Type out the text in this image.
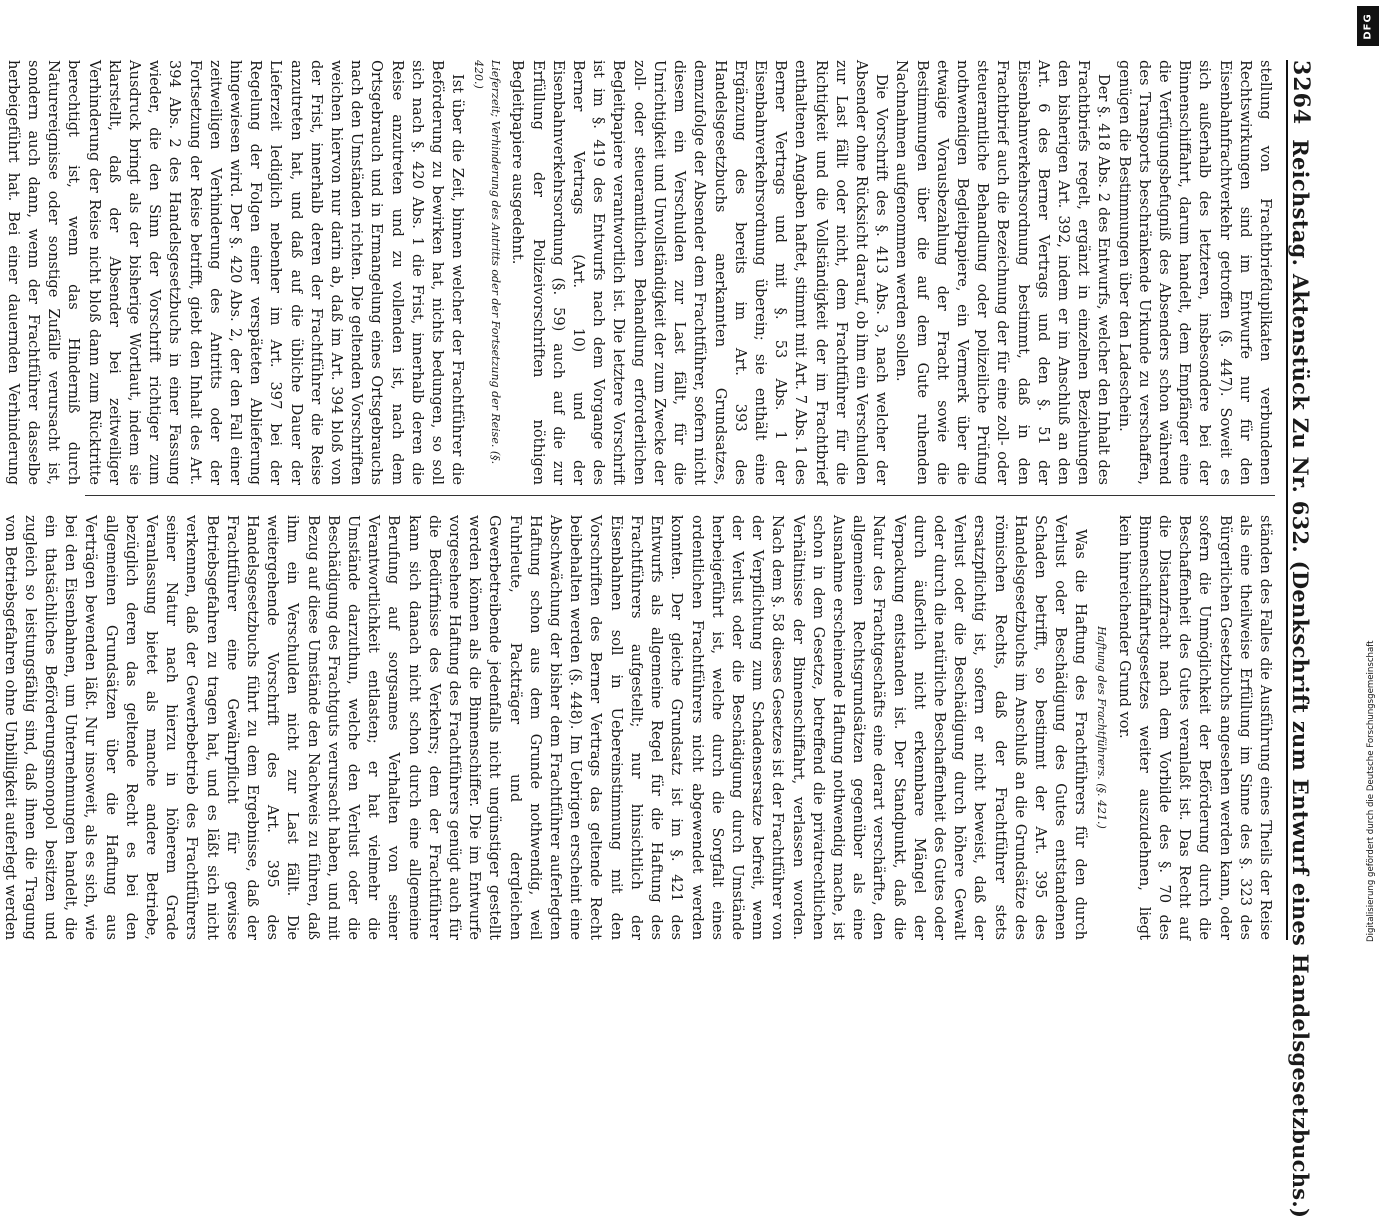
3264
Reichstag. Aktenstück Zu Nr. 632. (Denkschrift zum Entwurf eines Handelsgesetzbuchs.)

stellung von Frachtbriefduplikaten verbundenen Rechtswirkungen sind im Entwurfe nur für den Eisenbahnfrachtverkehr getroffen (§. 447). Soweit es sich außerhalb des letzteren, insbesondere bei der Binnenschiffahrt, darum handelt, dem Empfänger eine die Verfügungsbefugniß des Absenders schon während des Transports beschränkende Urkunde zu verschaffen, genügen die Bestimmungen über den Ladeschein.

Der §. 418 Abs. 2 des Entwurfs, welcher den Inhalt des Frachtbriefs regelt, ergänzt in einzelnen Beziehungen den bisherigen Art. 392, indem er im Anschluß an den Art. 6 des Berner Vertrags und den §. 51 der Eisenbahnverkehrsordnung bestimmt, daß in den Frachtbrief auch die Bezeichnung der für eine zoll- oder steueramtliche Behandlung oder polizeiliche Prüfung nothwendigen Begleitpapiere, ein Vermerk über die etwaige Vorausbezahlung der Fracht sowie die Bestimmungen über die auf dem Gute ruhenden Nachnahmen aufgenommen werden sollen.

Die Vorschrift des §. 413 Abs. 3, nach welcher der Absender ohne Rücksicht darauf, ob ihm ein Verschulden zur Last fällt oder nicht, dem Frachtführer für die Richtigkeit und die Vollständigkeit der im Frachtbrief enthaltenen Angaben haftet, stimmt mit Art. 7 Abs. 1 des Berner Vertrags und mit §. 53 Abs. 1 der Eisenbahnverkehrsordnung überein; sie enthält eine Ergänzung des bereits im Art. 393 des Handelsgesetzbuchs anerkannten Grundsatzes, demzufolge der Absender dem Frachtführer, sofern nicht diesem ein Verschulden zur Last fällt, für die Unrichtigkeit und Unvollständigkeit der zum Zwecke der zoll- oder steueramtlichen Behandlung erforderlichen Begleitpapiere verantwortlich ist. Die letztere Vorschrift ist im §. 419 des Entwurfs nach dem Vorgange des Berner Vertrags (Art. 10) und der Eisenbahnverkehrsordnung (§. 59) auch auf die zur Erfüllung der Polizeivorschriften nöthigen Begleitpapiere ausgedehnt.

Lieferzeit; Verhinderung des Antritts oder der Fortsetzung der Reise. (§. 420.)

Ist über die Zeit, binnen welcher der Frachtführer die Beförderung zu bewirken hat, nichts bedungen, so soll sich nach §. 420 Abs. 1 die Frist, innerhalb deren die Reise anzutreten und zu vollenden ist, nach dem Ortsgebrauch und in Ermangelung eines Ortsgebrauchs nach den Umständen richten. Die geltenden Vorschriften weichen hiervon nur darin ab, daß im Art. 394 bloß von der Frist, innerhalb deren der Frachtführer die Reise anzutreten hat, und daß auf die übliche Dauer der Lieferzeit lediglich nebenher im Art. 397 bei der Regelung der Folgen einer verspäteten Ablieferung hingewiesen wird. Der §. 420 Abs. 2, der den Fall einer zeitweiligen Verhinderung des Antritts oder der Fortsetzung der Reise betrifft, giebt den Inhalt des Art. 394 Abs. 2 des Handelsgesetzbuchs in einer Fassung wieder, die den Sinn der Vorschrift richtiger zum Ausdruck bringt als der bisherige Wortlaut, indem sie klarstellt, daß der Absender bei zeitweiliger Verhinderung der Reise nicht bloß dann zum Rücktritte berechtigt ist, wenn das Hinderniß durch Naturereignisse oder sonstige Zufälle verursacht ist, sondern auch dann, wenn der Frachtführer dasselbe herbeigeführt hat. Bei einer dauernden Verhinderung

ständen des Falles die Ausführung eines Theils der Reise als eine theilweise Erfüllung im Sinne des §. 323 des Bürgerlichen Gesetzbuchs angesehen werden kann, oder sofern die Unmöglichkeit der Beförderung durch die Beschaffenheit des Gutes veranlaßt ist. Das Recht auf die Distanzfracht nach dem Vorbilde des §. 70 des Binnenschiffahrtsgesetzes weiter auszudehnen, liegt kein hinreichender Grund vor.

Haftung des Frachtführers. (§. 421.)

Was die Haftung des Frachtführers für den durch Verlust oder Beschädigung des Gutes entstandenen Schaden betrifft, so bestimmt der Art. 395 des Handelsgesetzbuchs im Anschluß an die Grundsätze des römischen Rechts, daß der Frachtführer stets ersatzpflichtig ist, sofern er nicht beweist, daß der Verlust oder die Beschädigung durch höhere Gewalt oder durch die natürliche Beschaffenheit des Gutes oder durch äußerlich nicht erkennbare Mängel der Verpackung entstanden ist. Der Standpunkt, daß die Natur des Frachtgeschäfts eine derart verschärfte, den allgemeinen Rechtsgrundsätzen gegenüber als eine Ausnahme erscheinende Haftung nothwendig mache, ist schon in dem Gesetze, betreffend die privatrechtlichen Verhältnisse der Binnenschiffahrt, verlassen worden. Nach dem §. 58 dieses Gesetzes ist der Frachtführer von der Verpflichtung zum Schadensersatze befreit, wenn der Verlust oder die Beschädigung durch Umstände herbeigeführt ist, welche durch die Sorgfalt eines ordentlichen Frachtführers nicht abgewendet werden konnten. Der gleiche Grundsatz ist im §. 421 des Entwurfs als allgemeine Regel für die Haftung des Frachtführers aufgestellt; nur hinsichtlich der Eisenbahnen soll in Uebereinstimmung mit den Vorschriften des Berner Vertrags das geltende Recht beibehalten werden (§. 448). Im Uebrigen erscheint eine Abschwächung der bisher dem Frachtführer auferlegten Haftung schon aus dem Grunde nothwendig, weil Fuhrleute, Packträger und dergleichen Gewerbetreibende jedenfalls nicht ungünstiger gestellt werden können als die Binnenschiffer. Die im Entwurfe vorgesehene Haftung des Frachtführers genügt auch für die Bedürfnisse des Verkehrs; dem der Frachtführer kann sich danach nicht schon durch eine allgemeine Berufung auf sorgsames Verhalten von seiner Verantwortlichkeit entlasten; er hat vielmehr die Umstände darzuthun, welche den Verlust oder die Beschädigung des Frachtguts verursacht haben, und mit Bezug auf diese Umstände den Nachweis zu führen, daß ihm ein Verschulden nicht zur Last fällt. Die weitergehende Vorschrift des Art. 395 des Handelsgesetzbuchs führt zu dem Ergebnisse, daß der Frachtführer eine Gewährpflicht für gewisse Betriebsgefahren zu tragen hat, und es läßt sich nicht verkennen, daß der Gewerbebetrieb des Frachtführers seiner Natur nach hierzu in höherem Grade Veranlassung bietet als manche andere Betriebe, bezüglich deren das geltende Recht es bei den allgemeinen Grundsätzen über die Haftung aus Verträgen bewenden läßt. Nur insoweit, als es sich, wie bei den Eisenbahnen, um Unternehmungen handelt, die ein thatsächliches Beförderungsmonopol besitzen und zugleich so leistungsfähig sind, daß ihnen die Tragung von Betriebsgefahren ohne Unbilligkeit auferlegt werden	Digitalisierung gefördert durch die Deutsche Forschungsgemeinschaft
DFG
